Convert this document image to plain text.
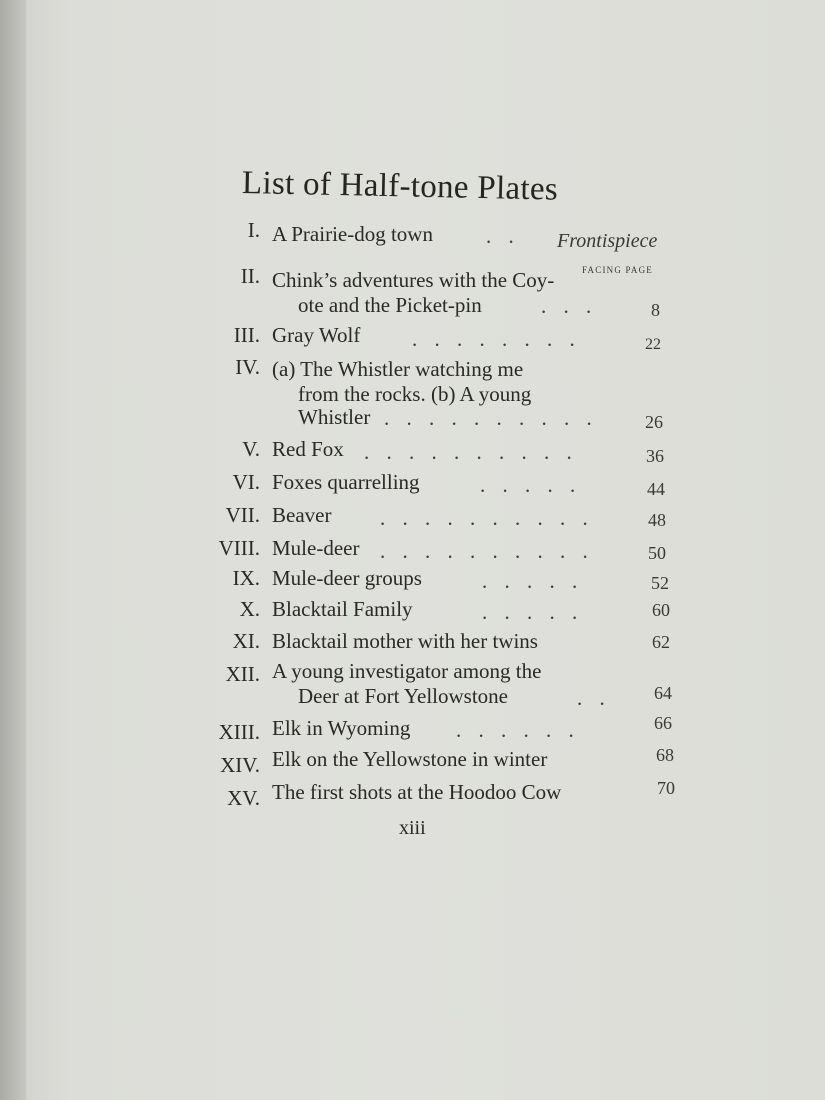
List of Half-tone Plates
FACING PAGE
I. A Prairie-dog town	. . Frontispiece
II. Chink’s adventures with the Coy-
ote and the Picket-pin	. . .	8
III. Gray Wolf . . . . . . . .	22
IV. (a) The Whistler watching me
from the rocks. (b) A young
Whistler . . . . . . . . . .	26
V. Red Fox . . . . . . . . . .	36
VI. Foxes quarrelling	. . . . .	44
VII. Beaver . . . . . . . . . .	48
VIII. Mule-deer . . . . . . . . . .	50
IX. Mule-deer groups	. . . . .	52
X. Blacktail Family	. . . . .	60
XI. Blacktail mother with her twins	62
XII. A young investigator among the
Deer at Fort Yellowstone	. . 64
XIII. Elk in Wyoming . . . . . .	66
XIV. Elk on the Yellowstone in winter	68
XV. The first shots at the Hoodoo Cow	70
xiii
